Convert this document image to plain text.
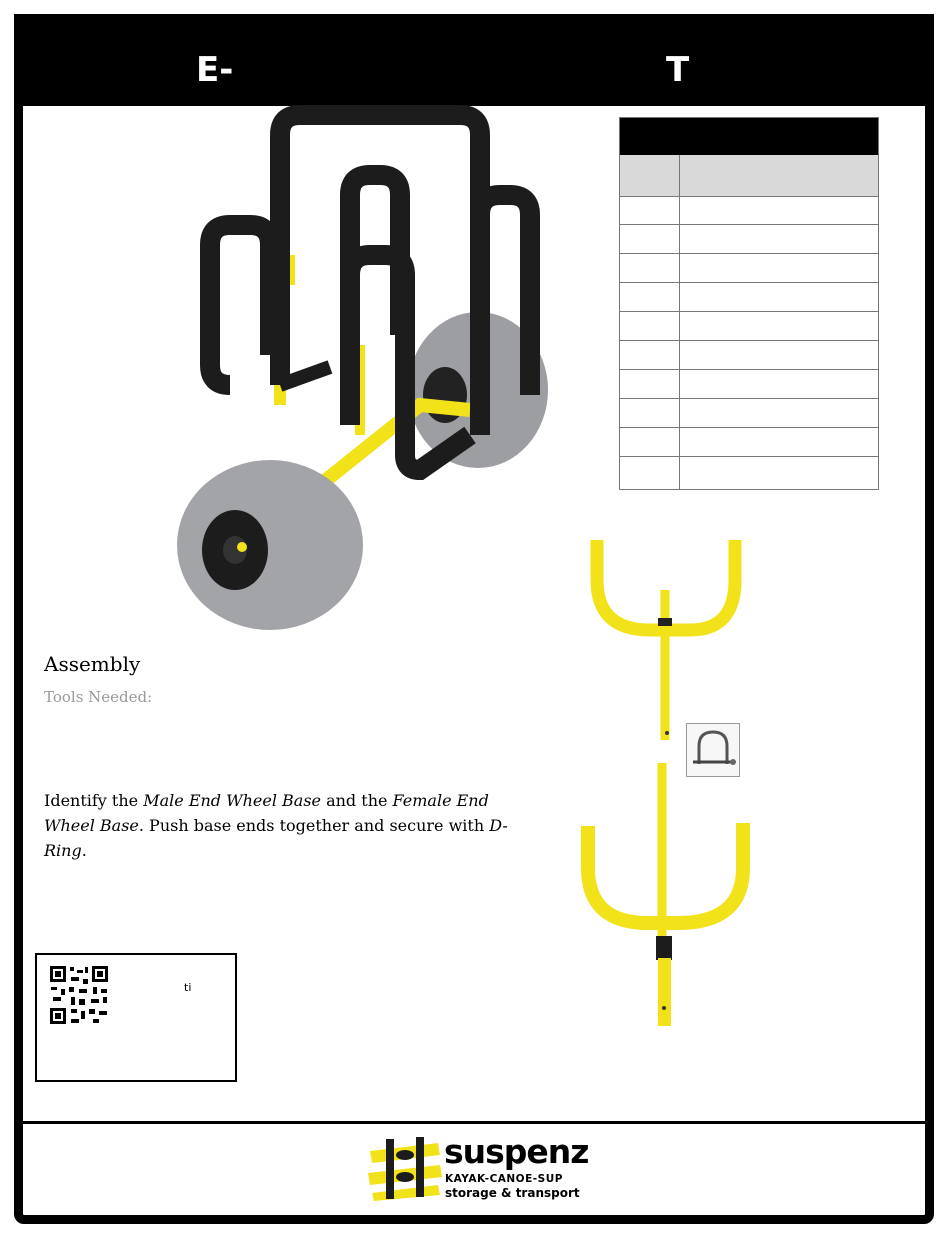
E-	T
Assembly
Tools Needed:
Identify the Male End Wheel Base and the Female End Wheel Base. Push base ends together and secure with D-Ring.
ti
suspenz
KAYAK-CANOE-SUP
storage & transport
